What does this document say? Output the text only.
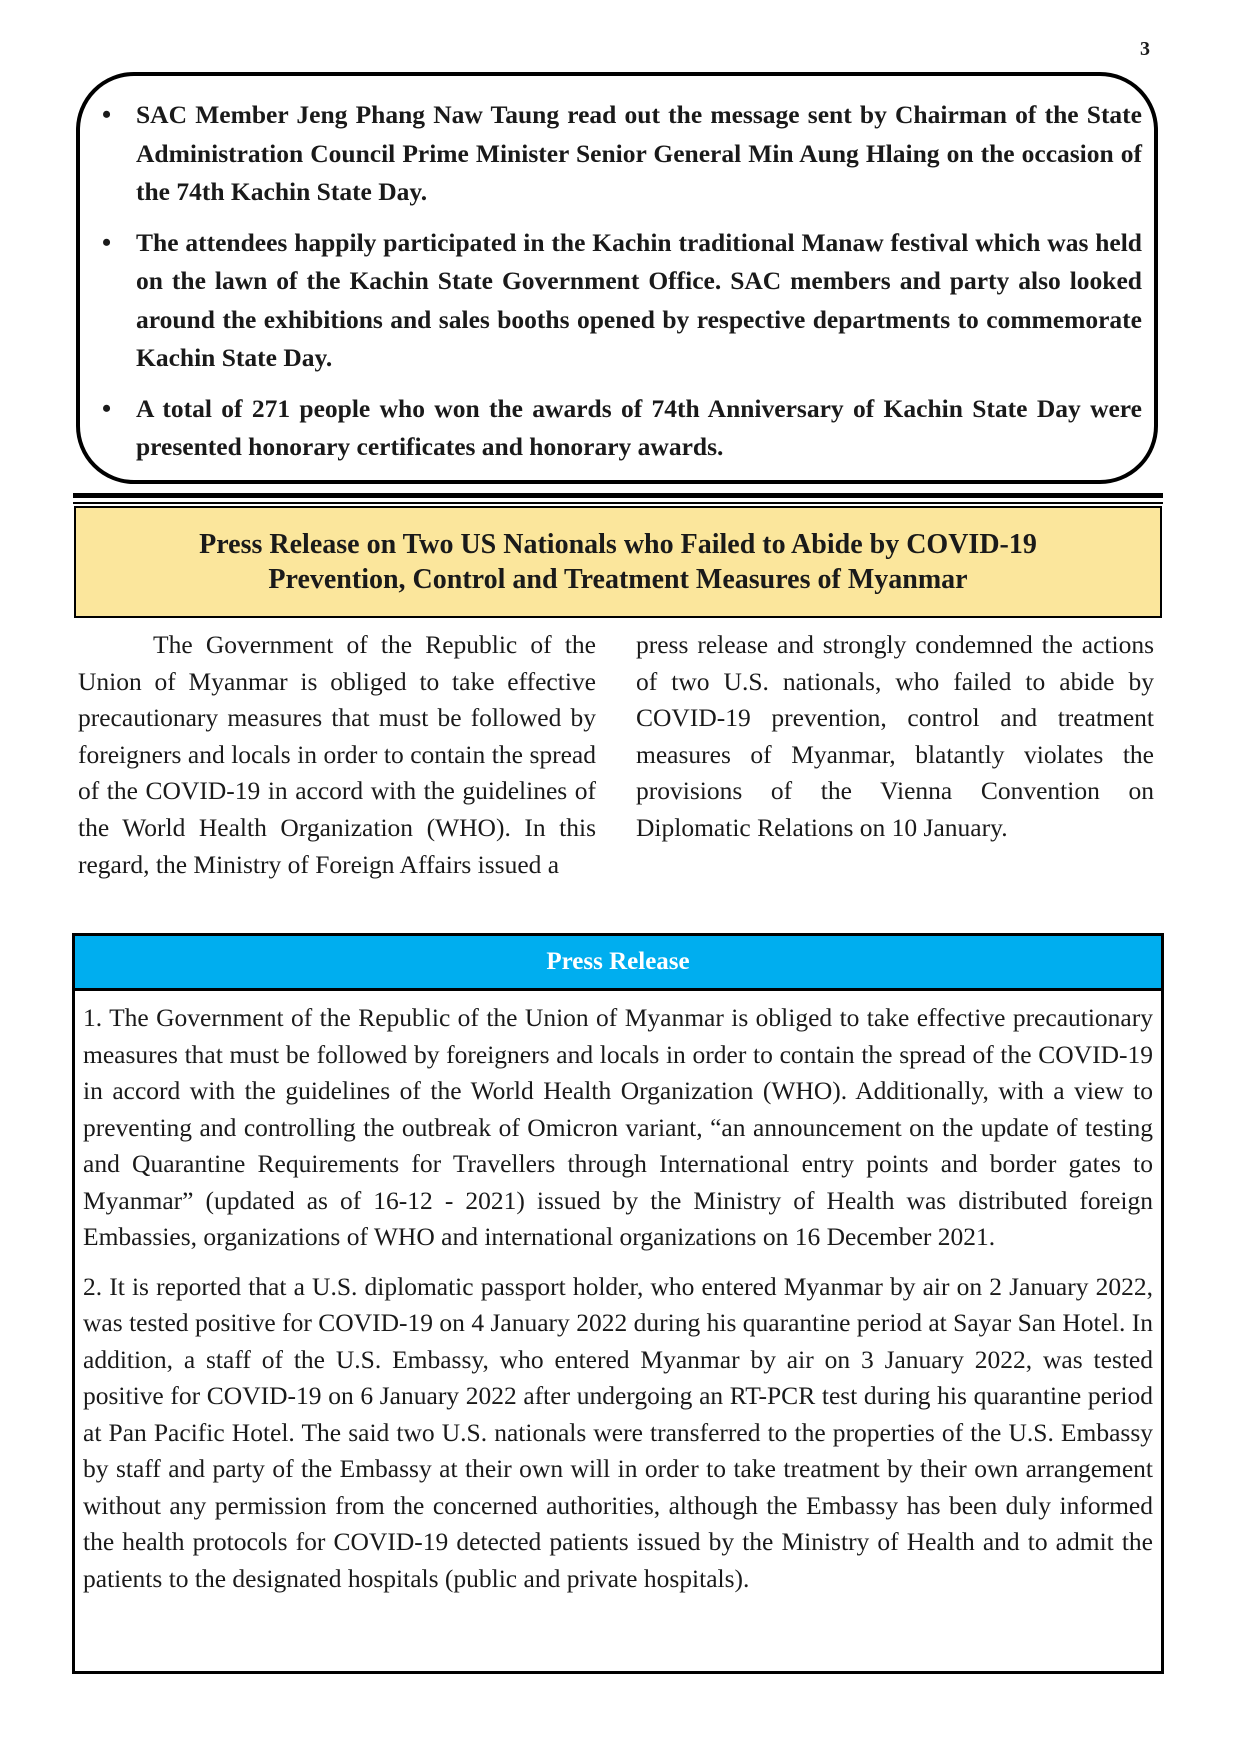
3
• SAC Member Jeng Phang Naw Taung read out the message sent by Chairman of the State Administration Council Prime Minister Senior General Min Aung Hlaing on the occasion of the 74th Kachin State Day.
• The attendees happily participated in the Kachin traditional Manaw festival which was held on the lawn of the Kachin State Government Office. SAC members and party also looked around the exhibitions and sales booths opened by respective departments to commemorate Kachin State Day.
• A total of 271 people who won the awards of 74th Anniversary of Kachin State Day were presented honorary certificates and honorary awards.
Press Release on Two US Nationals who Failed to Abide by COVID-19
Prevention, Control and Treatment Measures of Myanmar

The Government of the Republic of the Union of Myanmar is obliged to take effective precautionary measures that must be followed by foreigners and locals in order to contain the spread of the COVID-19 in accord with the guidelines of the World Health Organization (WHO). In this regard, the Ministry of Foreign Affairs issued a

press release and strongly condemned the actions of two U.S. nationals, who failed to abide by COVID-19 prevention, control and treatment measures of Myanmar, blatantly violates the provisions of the Vienna Convention on Diplomatic Relations on 10 January.

Press Release

1. The Government of the Republic of the Union of Myanmar is obliged to take effective precautionary measures that must be followed by foreigners and locals in order to contain the spread of the COVID-19 in accord with the guidelines of the World Health Organization (WHO). Additionally, with a view to preventing and controlling the outbreak of Omicron variant, “an announcement on the update of testing and Quarantine Requirements for Travellers through International entry points and border gates to Myanmar” (updated as of 16-12 - 2021) issued by the Ministry of Health was distributed foreign Embassies, organizations of WHO and international organizations on 16 December 2021.

2. It is reported that a U.S. diplomatic passport holder, who entered Myanmar by air on 2 January 2022, was tested positive for COVID-19 on 4 January 2022 during his quarantine period at Sayar San Hotel. In addition, a staff of the U.S. Embassy, who entered Myanmar by air on 3 January 2022, was tested positive for COVID-19 on 6 January 2022 after undergoing an RT-PCR test during his quarantine period at Pan Pacific Hotel. The said two U.S. nationals were transferred to the properties of the U.S. Embassy by staff and party of the Embassy at their own will in order to take treatment by their own arrangement without any permission from the concerned authorities, although the Embassy has been duly informed the health protocols for COVID-19 detected patients issued by the Ministry of Health and to admit the patients to the designated hospitals (public and private hospitals).
